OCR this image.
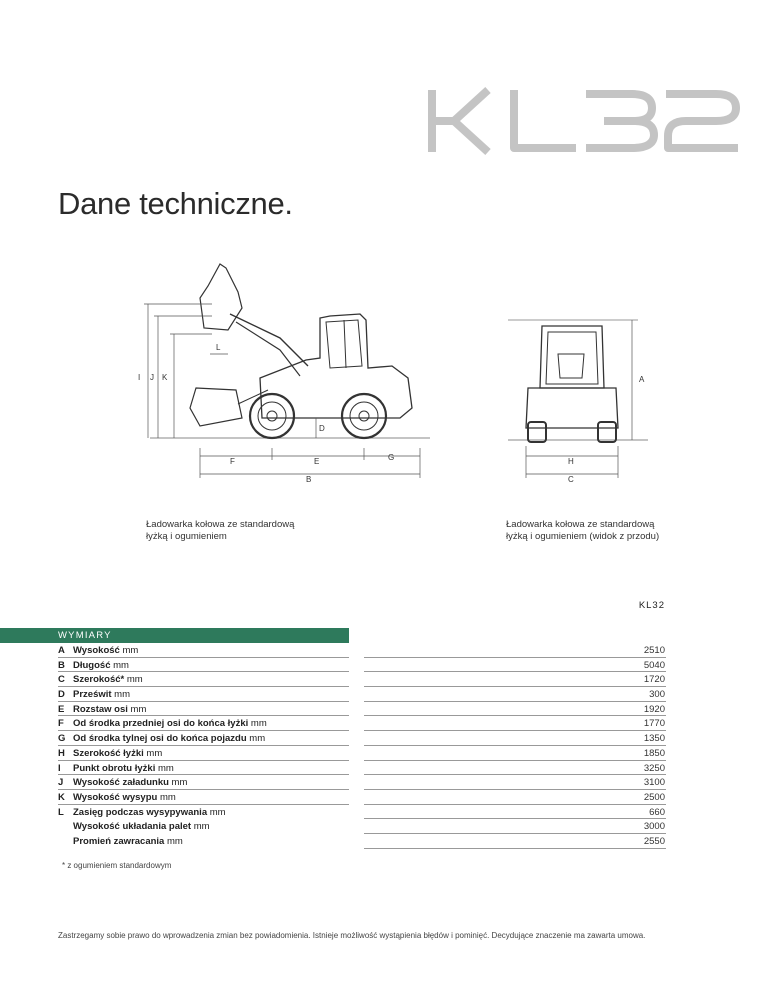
Dane techniczne.
I J K
L
D
F	E	G
B
A
H
C
Ładowarka kołowa ze standardową
łyżką i ogumieniem
Ładowarka kołowa ze standardową
łyżką i ogumieniem (widok z przodu)
KL32
WYMIARY
A Wysokość mm	2510
B Długość mm	5040
C Szerokość* mm	1720
D Prześwit mm	300
E Rozstaw osi mm	1920
F Od środka przedniej osi do końca łyżki mm	1770
G Od środka tylnej osi do końca pojazdu mm	1350
H Szerokość łyżki mm	1850
I	Punkt obrotu łyżki mm	3250
J	Wysokość załadunku mm	3100
K Wysokość wysypu mm	2500
L Zasięg podczas wysypywania mm	660
Wysokość układania palet mm	3000
Promień zawracania mm	2550
* z ogumieniem standardowym
Zastrzegamy sobie prawo do wprowadzenia zmian bez powiadomienia. Istnieje możliwość wystąpienia błędów i pominięć. Decydujące znaczenie ma zawarta umowa.
